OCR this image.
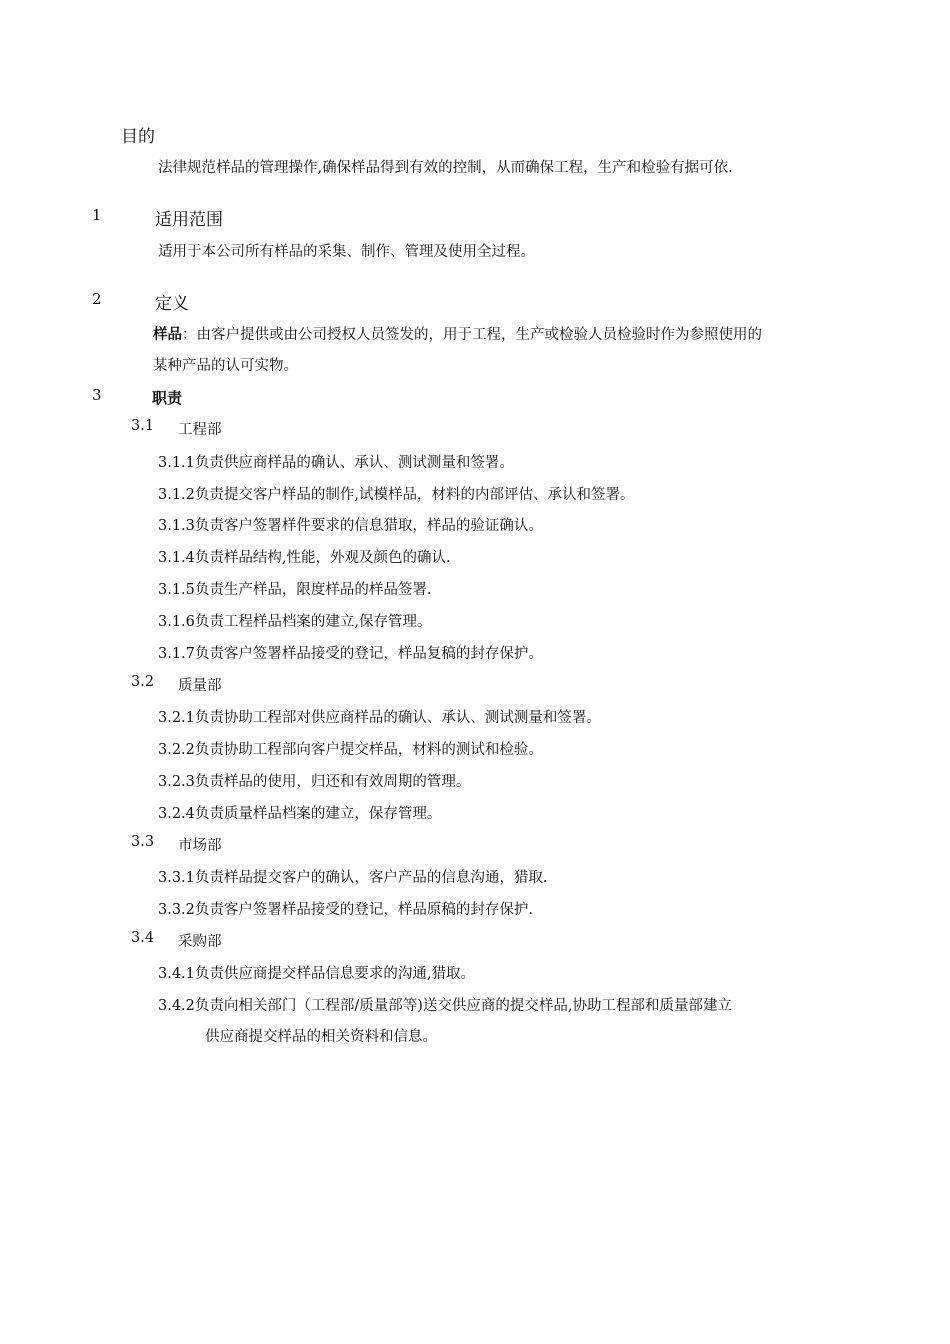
目的
法律规范样品的管理操作,确保样品得到有效的控制，从而确保工程，生产和检验有据可依.
1	适用范围
适用于本公司所有样品的采集、制作、管理及使用全过程。
2	定义
样品：由客户提供或由公司授权人员签发的，用于工程，生产或检验人员检验时作为参照使用的
某种产品的认可实物。
3	职责
3.1 工程部
3.1.1负责供应商样品的确认、承认、测试测量和签署。
3.1.2负责提交客户样品的制作,试模样品，材料的内部评估、承认和签署。
3.1.3负责客户签署样件要求的信息猎取，样品的验证确认。
3.1.4负责样品结构,性能，外观及颜色的确认.
3.1.5负责生产样品，限度样品的样品签署.
3.1.6负责工程样品档案的建立,保存管理。
3.1.7负责客户签署样品接受的登记，样品复稿的封存保护。
3.2 质量部
3.2.1负责协助工程部对供应商样品的确认、承认、测试测量和签署。
3.2.2负责协助工程部向客户提交样品，材料的测试和检验。
3.2.3负责样品的使用，归还和有效周期的管理。
3.2.4负责质量样品档案的建立，保存管理。
3.3 市场部
3.3.1负责样品提交客户的确认，客户产品的信息沟通，猎取.
3.3.2负责客户签署样品接受的登记，样品原稿的封存保护.
3.4 采购部
3.4.1负责供应商提交样品信息要求的沟通,猎取。
3.4.2负责向相关部门（工程部/质量部等)送交供应商的提交样品,协助工程部和质量部建立
供应商提交样品的相关资料和信息。
